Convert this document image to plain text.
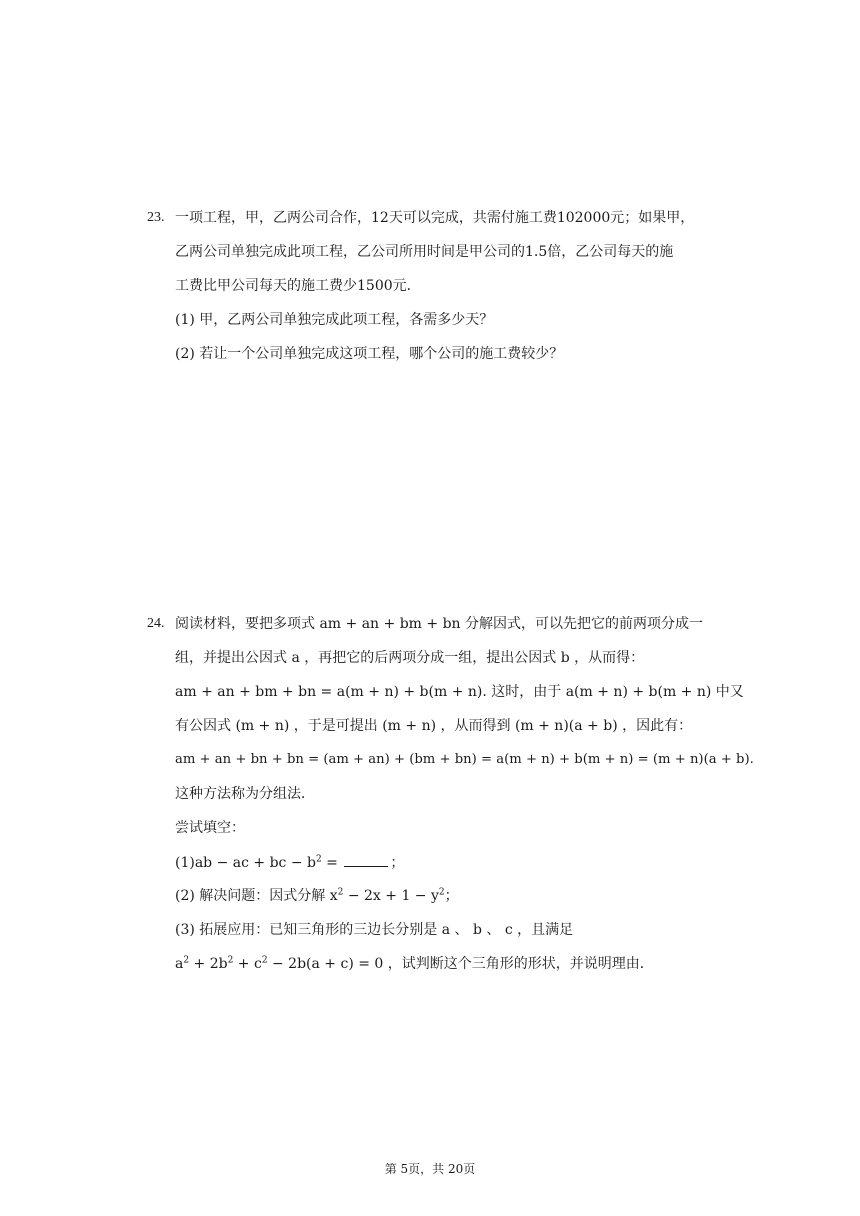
23. 一项工程，甲，乙两公司合作，12天可以完成，共需付施工费102000元；如果甲，
乙两公司单独完成此项工程，乙公司所用时间是甲公司的1.5倍，乙公司每天的施
工费比甲公司每天的施工费少1500元．
(1) 甲，乙两公司单独完成此项工程，各需多少天？
(2) 若让一个公司单独完成这项工程，哪个公司的施工费较少？
24. 阅读材料，要把多项式 am + an + bm + bn 分解因式，可以先把它的前两项分成一
组，并提出公因式 a ，再把它的后两项分成一组，提出公因式 b ，从而得：
am + an + bm + bn = a(m + n) + b(m + n). 这时，由于 a(m + n) + b(m + n) 中又
有公因式 (m + n) ，于是可提出 (m + n) ，从而得到 (m + n)(a + b) ，因此有：
am + an + bn + bn = (am + an) + (bm + bn) = a(m + n) + b(m + n) = (m + n)(a + b).
这种方法称为分组法．
尝试填空：
(1)ab − ac + bc − $b^2$ =	；
(2) 解决问题：因式分解 $x^2 - 2x + 1 - y^2$；
(3) 拓展应用：已知三角形的三边长分别是 a 、 b 、 c ，且满足
$a^2 + 2b^2 + c^2 - 2b(a + c) = 0$ ，试判断这个三角形的形状，并说明理由．
第 5页，共 20页
